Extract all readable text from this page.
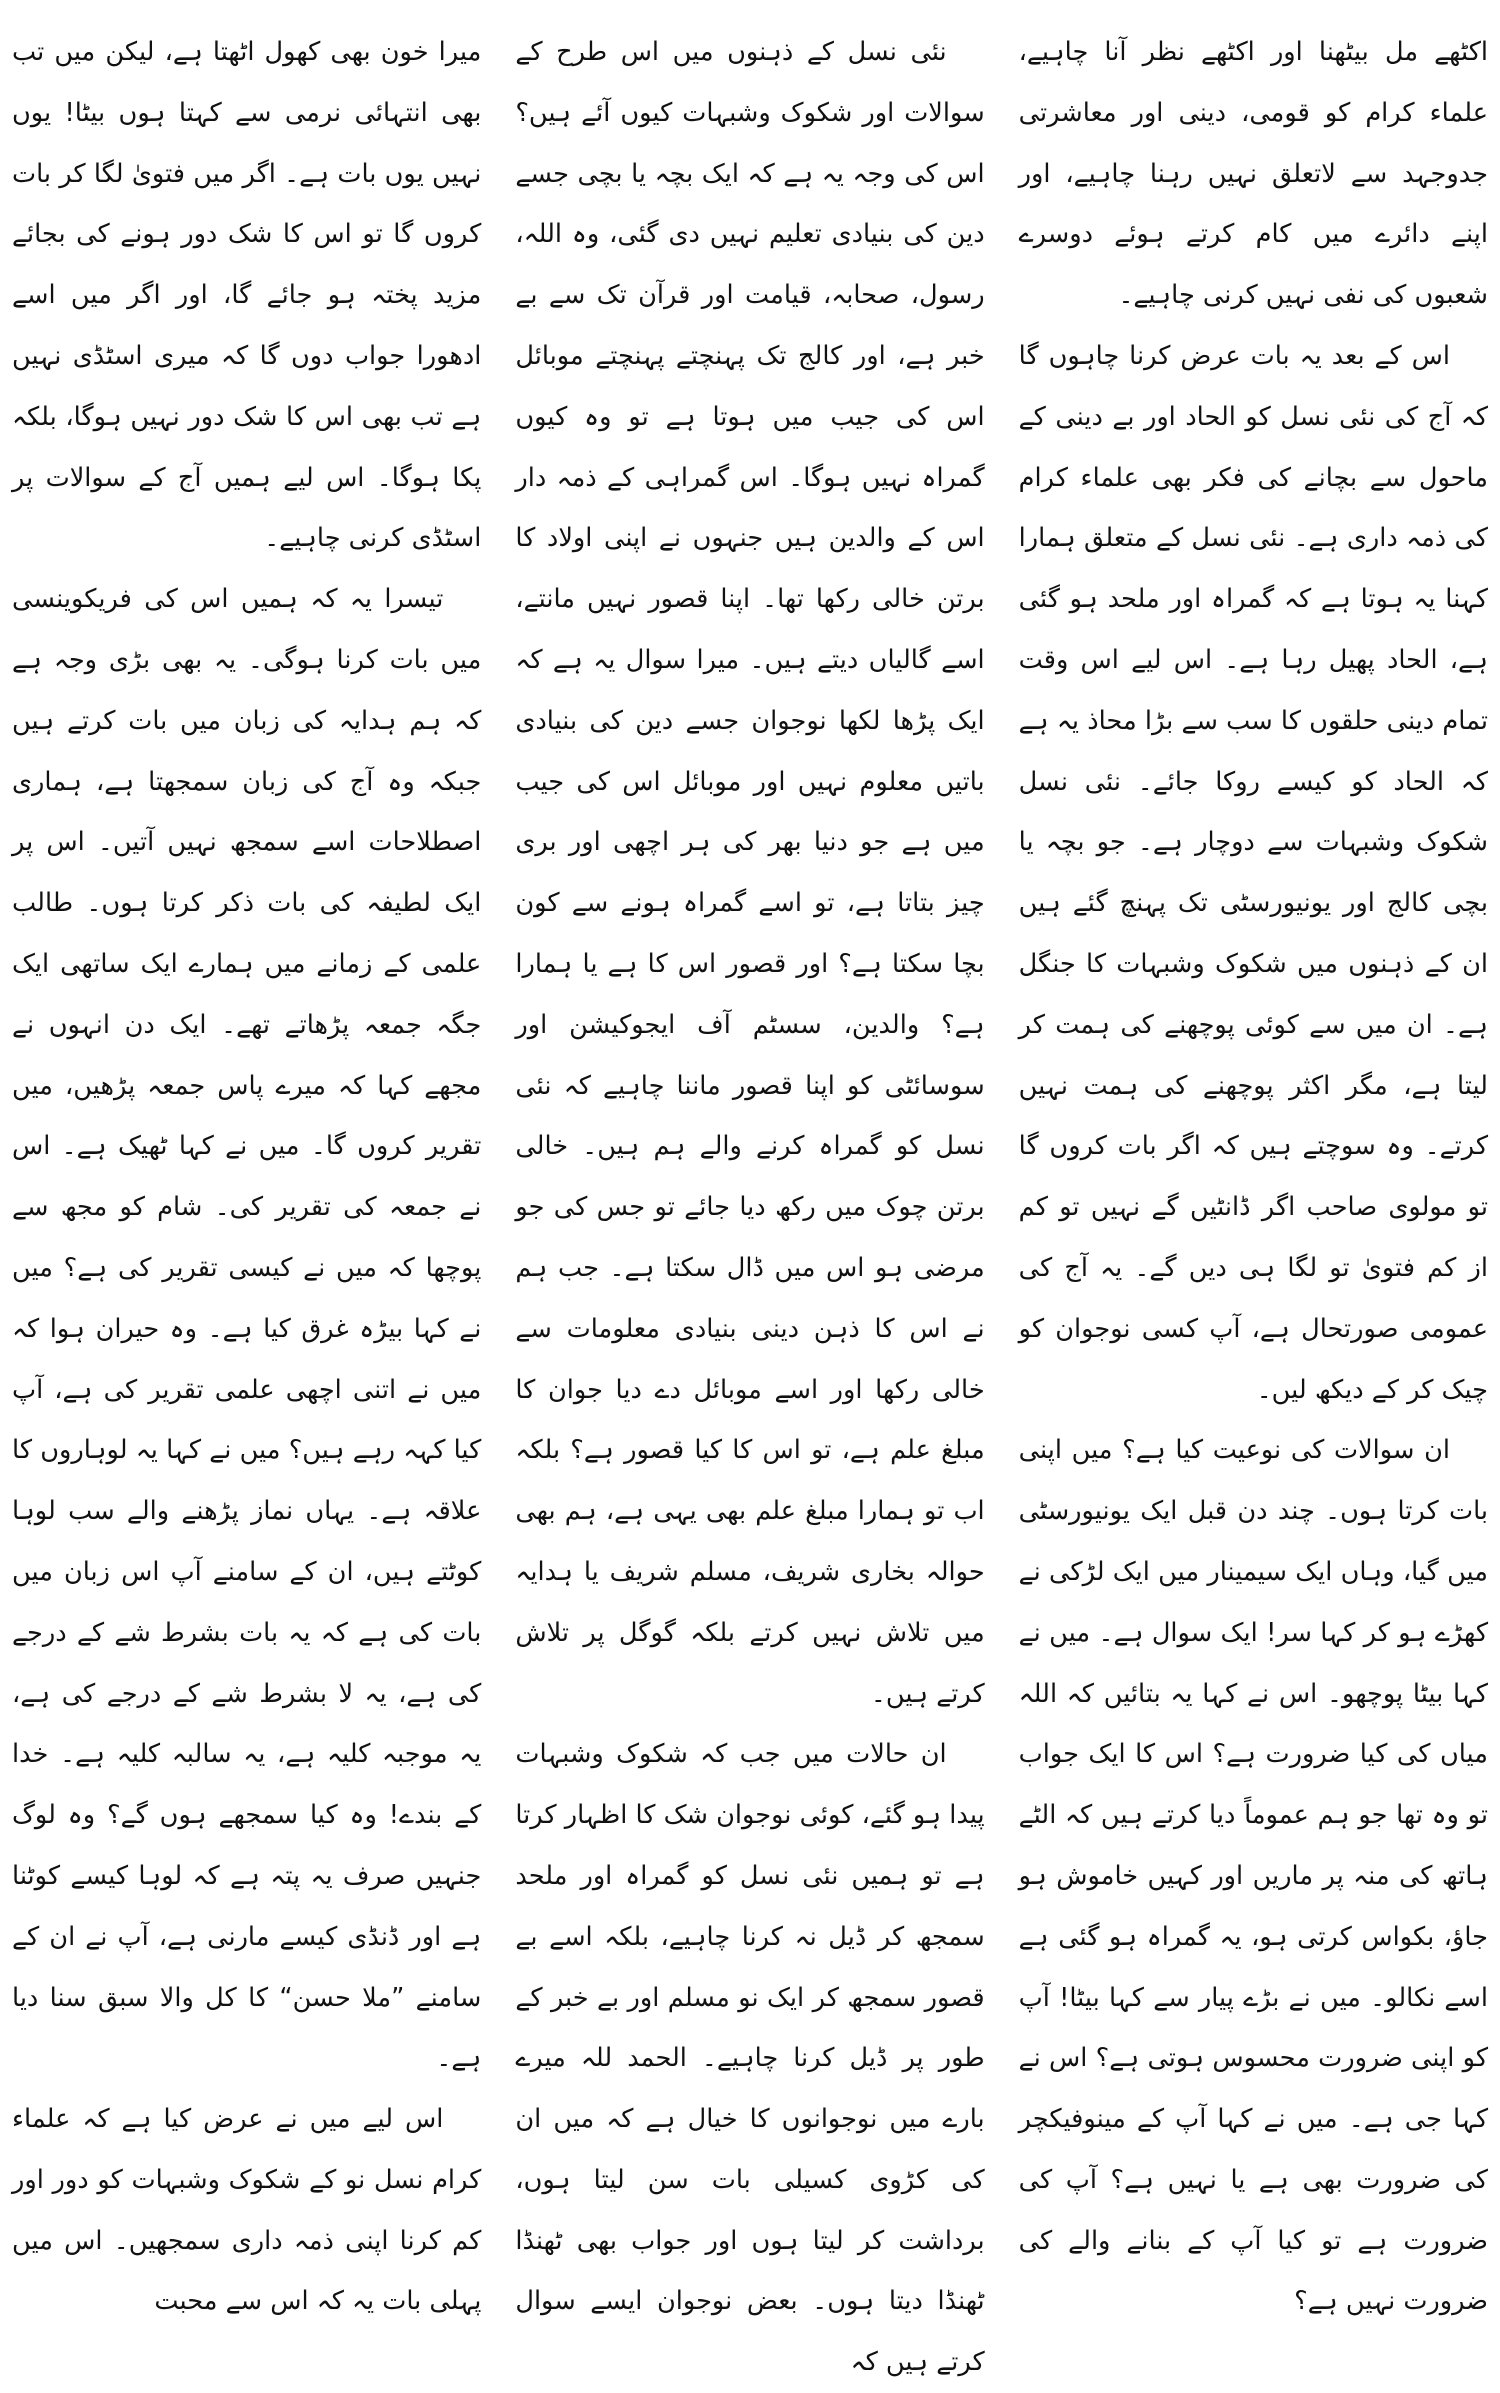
اکٹھے مل بیٹھنا اور اکٹھے نظر آنا چاہیے، علماء کرام کو قومی، دینی اور معاشرتی جدوجہد سے لاتعلق نہیں رہنا چاہیے، اور اپنے دائرے میں کام کرتے ہوئے دوسرے شعبوں کی نفی نہیں کرنی چاہیے۔

اس کے بعد یہ بات عرض کرنا چاہوں گا کہ آج کی نئی نسل کو الحاد اور بے دینی کے ماحول سے بچانے کی فکر بھی علماء کرام کی ذمہ داری ہے۔ نئی نسل کے متعلق ہمارا کہنا یہ ہوتا ہے کہ گمراہ اور ملحد ہو گئی ہے، الحاد پھیل رہا ہے۔ اس لیے اس وقت تمام دینی حلقوں کا سب سے بڑا محاذ یہ ہے کہ الحاد کو کیسے روکا جائے۔ نئی نسل شکوک وشبہات سے دوچار ہے۔ جو بچہ یا بچی کالج اور یونیورسٹی تک پہنچ گئے ہیں ان کے ذہنوں میں شکوک وشبہات کا جنگل ہے۔ ان میں سے کوئی پوچھنے کی ہمت کر لیتا ہے، مگر اکثر پوچھنے کی ہمت نہیں کرتے۔ وہ سوچتے ہیں کہ اگر بات کروں گا تو مولوی صاحب اگر ڈانٹیں گے نہیں تو کم از کم فتویٰ تو لگا ہی دیں گے۔ یہ آج کی عمومی صورتحال ہے، آپ کسی نوجوان کو چیک کر کے دیکھ لیں۔

ان سوالات کی نوعیت کیا ہے؟ میں اپنی بات کرتا ہوں۔ چند دن قبل ایک یونیورسٹی میں گیا، وہاں ایک سیمینار میں ایک لڑکی نے کھڑے ہو کر کہا سر! ایک سوال ہے۔ میں نے کہا بیٹا پوچھو۔ اس نے کہا یہ بتائیں کہ اللہ میاں کی کیا ضرورت ہے؟ اس کا ایک جواب تو وہ تھا جو ہم عموماً دیا کرتے ہیں کہ الٹے ہاتھ کی منہ پر ماریں اور کہیں خاموش ہو جاؤ، بکواس کرتی ہو، یہ گمراہ ہو گئی ہے اسے نکالو۔ میں نے بڑے پیار سے کہا بیٹا! آپ کو اپنی ضرورت محسوس ہوتی ہے؟ اس نے کہا جی ہے۔ میں نے کہا آپ کے مینوفیکچر کی ضرورت بھی ہے یا نہیں ہے؟ آپ کی ضرورت ہے تو کیا آپ کے بنانے والے کی ضرورت نہیں ہے؟

نئی نسل کے ذہنوں میں اس طرح کے سوالات اور شکوک وشبہات کیوں آئے ہیں؟ اس کی وجہ یہ ہے کہ ایک بچہ یا بچی جسے دین کی بنیادی تعلیم نہیں دی گئی، وہ اللہ، رسول، صحابہ، قیامت اور قرآن تک سے بے خبر ہے، اور کالج تک پہنچتے پہنچتے موبائل اس کی جیب میں ہوتا ہے تو وہ کیوں گمراہ نہیں ہوگا۔ اس گمراہی کے ذمہ دار اس کے والدین ہیں جنہوں نے اپنی اولاد کا برتن خالی رکھا تھا۔ اپنا قصور نہیں مانتے، اسے گالیاں دیتے ہیں۔ میرا سوال یہ ہے کہ ایک پڑھا لکھا نوجوان جسے دین کی بنیادی باتیں معلوم نہیں اور موبائل اس کی جیب میں ہے جو دنیا بھر کی ہر اچھی اور بری چیز بتاتا ہے، تو اسے گمراہ ہونے سے کون بچا سکتا ہے؟ اور قصور اس کا ہے یا ہمارا ہے؟ والدین، سسٹم آف ایجوکیشن اور سوسائٹی کو اپنا قصور ماننا چاہیے کہ نئی نسل کو گمراہ کرنے والے ہم ہیں۔ خالی برتن چوک میں رکھ دیا جائے تو جس کی جو مرضی ہو اس میں ڈال سکتا ہے۔ جب ہم نے اس کا ذہن دینی بنیادی معلومات سے خالی رکھا اور اسے موبائل دے دیا جوان کا مبلغ علم ہے، تو اس کا کیا قصور ہے؟ بلکہ اب تو ہمارا مبلغ علم بھی یہی ہے، ہم بھی حوالہ بخاری شریف، مسلم شریف یا ہدایہ میں تلاش نہیں کرتے بلکہ گوگل پر تلاش کرتے ہیں۔

ان حالات میں جب کہ شکوک وشبہات پیدا ہو گئے، کوئی نوجوان شک کا اظہار کرتا ہے تو ہمیں نئی نسل کو گمراہ اور ملحد سمجھ کر ڈیل نہ کرنا چاہیے، بلکہ اسے بے قصور سمجھ کر ایک نو مسلم اور بے خبر کے طور پر ڈیل کرنا چاہیے۔ الحمد للہ میرے بارے میں نوجوانوں کا خیال ہے کہ میں ان کی کڑوی کسیلی بات سن لیتا ہوں، برداشت کر لیتا ہوں اور جواب بھی ٹھنڈا ٹھنڈا دیتا ہوں۔ بعض نوجوان ایسے سوال کرتے ہیں کہ

میرا خون بھی کھول اٹھتا ہے، لیکن میں تب بھی انتہائی نرمی سے کہتا ہوں بیٹا! یوں نہیں یوں بات ہے۔ اگر میں فتویٰ لگا کر بات کروں گا تو اس کا شک دور ہونے کی بجائے مزید پختہ ہو جائے گا، اور اگر میں اسے ادھورا جواب دوں گا کہ میری اسٹڈی نہیں ہے تب بھی اس کا شک دور نہیں ہوگا، بلکہ پکا ہوگا۔ اس لیے ہمیں آج کے سوالات پر اسٹڈی کرنی چاہیے۔

تیسرا یہ کہ ہمیں اس کی فریکوینسی میں بات کرنا ہوگی۔ یہ بھی بڑی وجہ ہے کہ ہم ہدایہ کی زبان میں بات کرتے ہیں جبکہ وہ آج کی زبان سمجھتا ہے، ہماری اصطلاحات اسے سمجھ نہیں آتیں۔ اس پر ایک لطیفہ کی بات ذکر کرتا ہوں۔ طالب علمی کے زمانے میں ہمارے ایک ساتھی ایک جگہ جمعہ پڑھاتے تھے۔ ایک دن انہوں نے مجھے کہا کہ میرے پاس جمعہ پڑھیں، میں تقریر کروں گا۔ میں نے کہا ٹھیک ہے۔ اس نے جمعہ کی تقریر کی۔ شام کو مجھ سے پوچھا کہ میں نے کیسی تقریر کی ہے؟ میں نے کہا بیڑہ غرق کیا ہے۔ وہ حیران ہوا کہ میں نے اتنی اچھی علمی تقریر کی ہے، آپ کیا کہہ رہے ہیں؟ میں نے کہا یہ لوہاروں کا علاقہ ہے۔ یہاں نماز پڑھنے والے سب لوہا کوٹتے ہیں، ان کے سامنے آپ اس زبان میں بات کی ہے کہ یہ بات بشرط شے کے درجے کی ہے، یہ لا بشرط شے کے درجے کی ہے، یہ موجبہ کلیہ ہے، یہ سالبہ کلیہ ہے۔ خدا کے بندے! وہ کیا سمجھے ہوں گے؟ وہ لوگ جنہیں صرف یہ پتہ ہے کہ لوہا کیسے کوٹنا ہے اور ڈنڈی کیسے مارنی ہے، آپ نے ان کے سامنے ”ملا حسن“ کا کل والا سبق سنا دیا ہے۔

اس لیے میں نے عرض کیا ہے کہ علماء کرام نسل نو کے شکوک وشبہات کو دور اور کم کرنا اپنی ذمہ داری سمجھیں۔ اس میں پہلی بات یہ کہ اس سے محبت
